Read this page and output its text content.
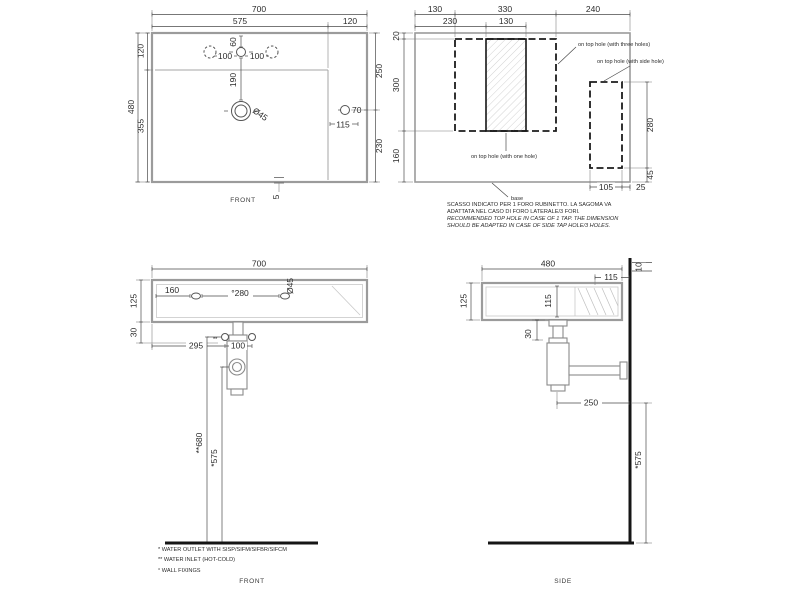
100 100
60
190
Ø45	70
115
700
575	120
120
355
480
250
230
5
FRONT
130	330	240
230	130
20
300
160
280
45
105	25
on top hole (with three holes)
on top hole (with side hole)
on top hole (with one hole)
base
SCASSO INDICATO PER 1 FORO RUBINETTO. LA SAGOMA VA
ADATTATA NEL CASO DI FORO LATERALE/3 FORI.
RECOMMENDED TOP HOLE IN CASE OF 1 TAP. THE DIMENSION
SHOULD BE ADAPTED IN CASE OF SIDE TAP HOLE/3 HOLES.
160	°280	Ø45
700
125
30
**
295	100
**680
*575
* WATER OUTLET WITH SISP/SIFM/SIFBR/SIFCM
** WATER INLET (HOT-COLD)
° WALL FIXINGS
FRONT
480
115
10
125	115
30
250
*575
SIDE
